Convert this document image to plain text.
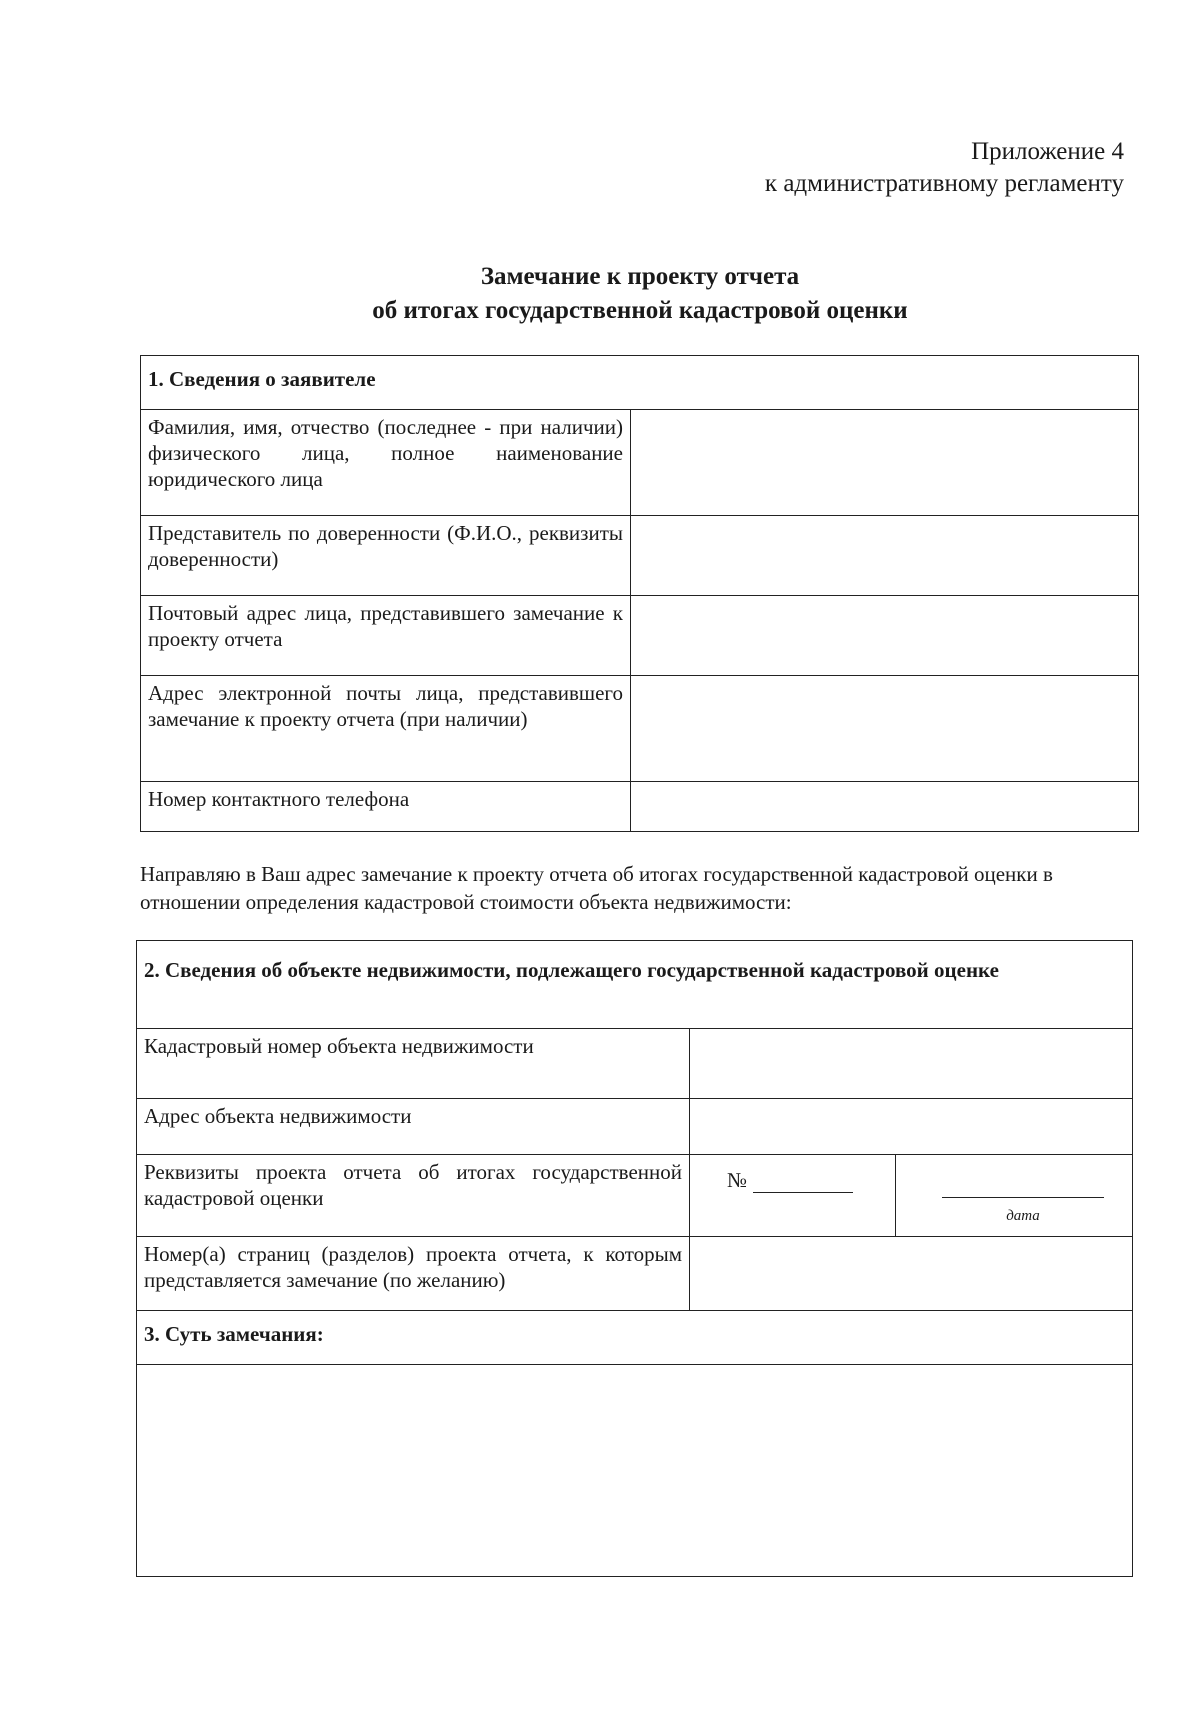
Приложение 4
к административному регламенту
Замечание к проекту отчета
об итогах государственной кадастровой оценки
1. Сведения о заявителе	
Фамилия, имя, отчество (последнее - при наличии) физического лица, полное наименование юридического лица	
Представитель по доверенности (Ф.И.О., реквизиты доверенности)	
Почтовый адрес лица, представившего замечание к проекту отчета	
Адрес электронной почты лица, представившего замечание к проекту отчета (при наличии)	
Номер контактного телефона	
Направляю в Ваш адрес замечание к проекту отчета об итогах государственной кадастровой оценки в отношении определения кадастровой стоимости объекта недвижимости:
2. Сведения об объекте недвижимости, подлежащего государственной кадастровой оценке		
Кадастровый номер объекта недвижимости		
Адрес объекта недвижимости		
Реквизиты проекта отчета об итогах государственной кадастровой оценки	№	дата

Номер(а) страниц (разделов) проекта отчета, к которым представляется замечание (по желанию)		
3. Суть замечания:		
